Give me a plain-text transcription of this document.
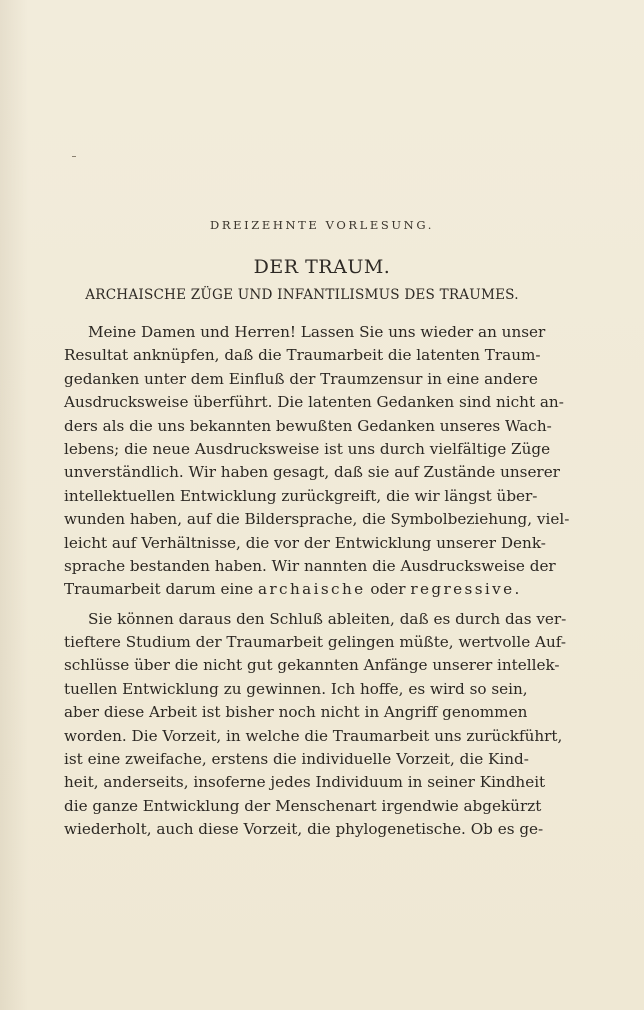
DREIZEHNTE VORLESUNG.
DER TRAUM.
ARCHAISCHE ZÜGE UND INFANTILISMUS DES TRAUMES.
Meine Damen und Herren! Lassen Sie uns wieder an unser
Resultat anknüpfen, daß die Traumarbeit die latenten Traum-
gedanken unter dem Einfluß der Traumzensur in eine andere
Ausdrucksweise überführt. Die latenten Gedanken sind nicht an-
ders als die uns bekannten bewußten Gedanken unseres Wach-
lebens; die neue Ausdrucksweise ist uns durch vielfältige Züge
unverständlich. Wir haben gesagt, daß sie auf Zustände unserer
intellektuellen Entwicklung zurückgreift, die wir längst über-
wunden haben, auf die Bildersprache, die Symbolbeziehung, viel-
leicht auf Verhältnisse, die vor der Entwicklung unserer Denk-
sprache bestanden haben. Wir nannten die Ausdrucksweise der
Traumarbeit darum eine archaische oder regressive.
Sie können daraus den Schluß ableiten, daß es durch das ver-
tieftere Studium der Traumarbeit gelingen müßte, wertvolle Auf-
schlüsse über die nicht gut gekannten Anfänge unserer intellek-
tuellen Entwicklung zu gewinnen. Ich hoffe, es wird so sein,
aber diese Arbeit ist bisher noch nicht in Angriff genommen
worden. Die Vorzeit, in welche die Traumarbeit uns zurückführt,
ist eine zweifache, erstens die individuelle Vorzeit, die Kind-
heit, anderseits, insoferne jedes Individuum in seiner Kindheit
die ganze Entwicklung der Menschenart irgendwie abgekürzt
wiederholt, auch diese Vorzeit, die phylogenetische. Ob es ge-
